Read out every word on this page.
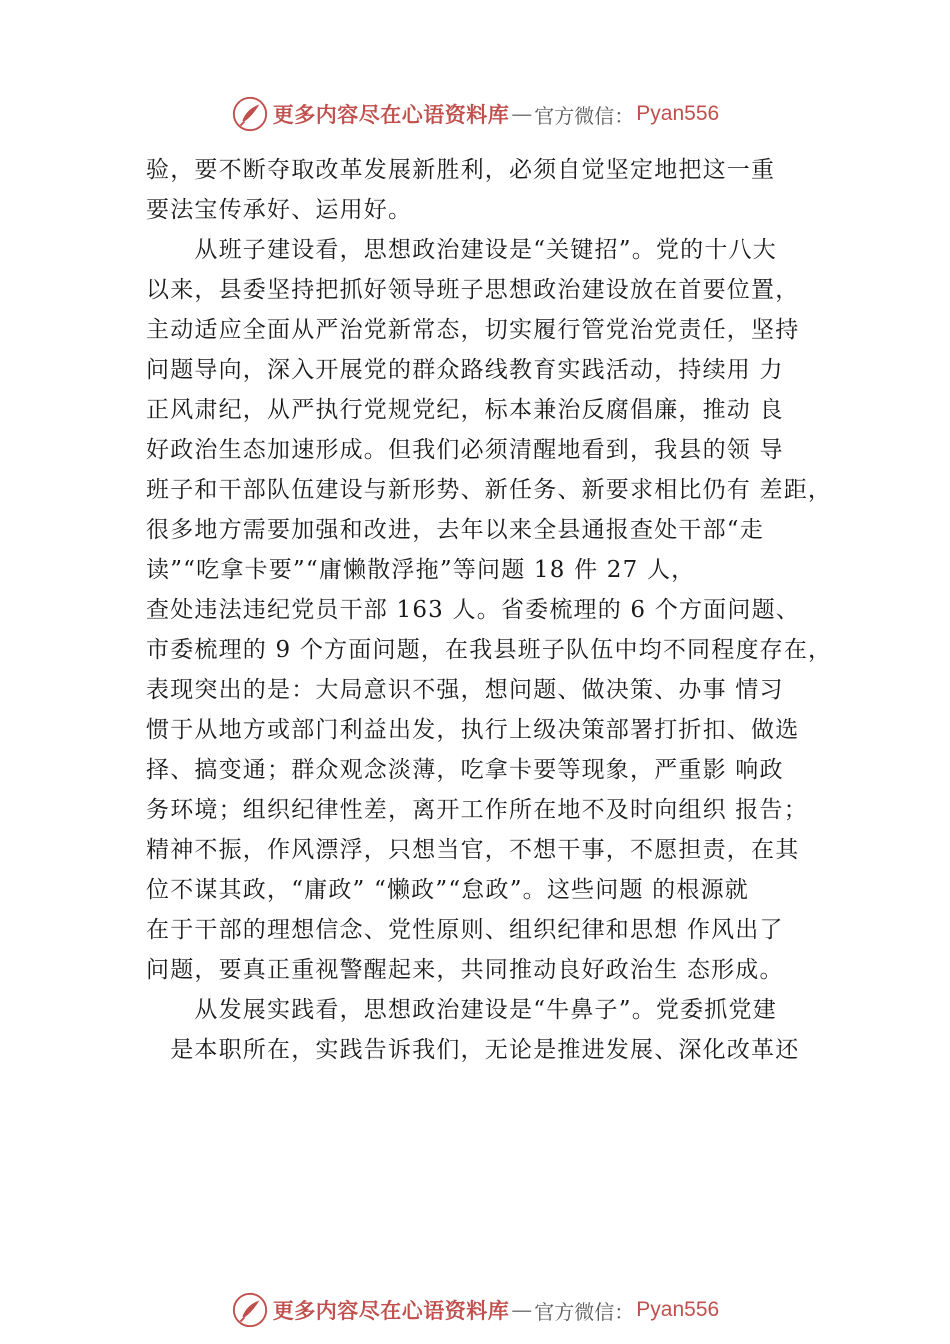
更多内容尽在心语资料库 — 官方微信： Pyan556
验，要不断夺取改革发展新胜利，必须自觉坚定地把这一重
要法宝传承好、运用好。
　　从班子建设看，思想政治建设是“关键招”。党的十八大
以来，县委坚持把抓好领导班子思想政治建设放在首要位置，
主动适应全面从严治党新常态，切实履行管党治党责任，坚持
问题导向，深入开展党的群众路线教育实践活动，持续用 力
正风肃纪，从严执行党规党纪，标本兼治反腐倡廉，推动 良
好政治生态加速形成。但我们必须清醒地看到，我县的领 导
班子和干部队伍建设与新形势、新任务、新要求相比仍有 差距，
很多地方需要加强和改进，去年以来全县通报查处干部“走
读”“吃拿卡要”“庸懒散浮拖”等问题 18 件 27 人，
查处违法违纪党员干部 163 人。省委梳理的 6 个方面问题、
市委梳理的 9 个方面问题，在我县班子队伍中均不同程度存在，
表现突出的是：大局意识不强，想问题、做决策、办事 情习
惯于从地方或部门利益出发，执行上级决策部署打折扣、做选
择、搞变通；群众观念淡薄，吃拿卡要等现象，严重影 响政
务环境；组织纪律性差，离开工作所在地不及时向组织 报告；
精神不振，作风漂浮，只想当官，不想干事，不愿担责，在其
位不谋其政，“庸政” “懒政”“怠政”。这些问题 的根源就
在于干部的理想信念、党性原则、组织纪律和思想 作风出了
问题，要真正重视警醒起来，共同推动良好政治生 态形成。
　　从发展实践看，思想政治建设是“牛鼻子”。党委抓党建
　是本职所在，实践告诉我们，无论是推进发展、深化改革还
更多内容尽在心语资料库 — 官方微信： Pyan556
